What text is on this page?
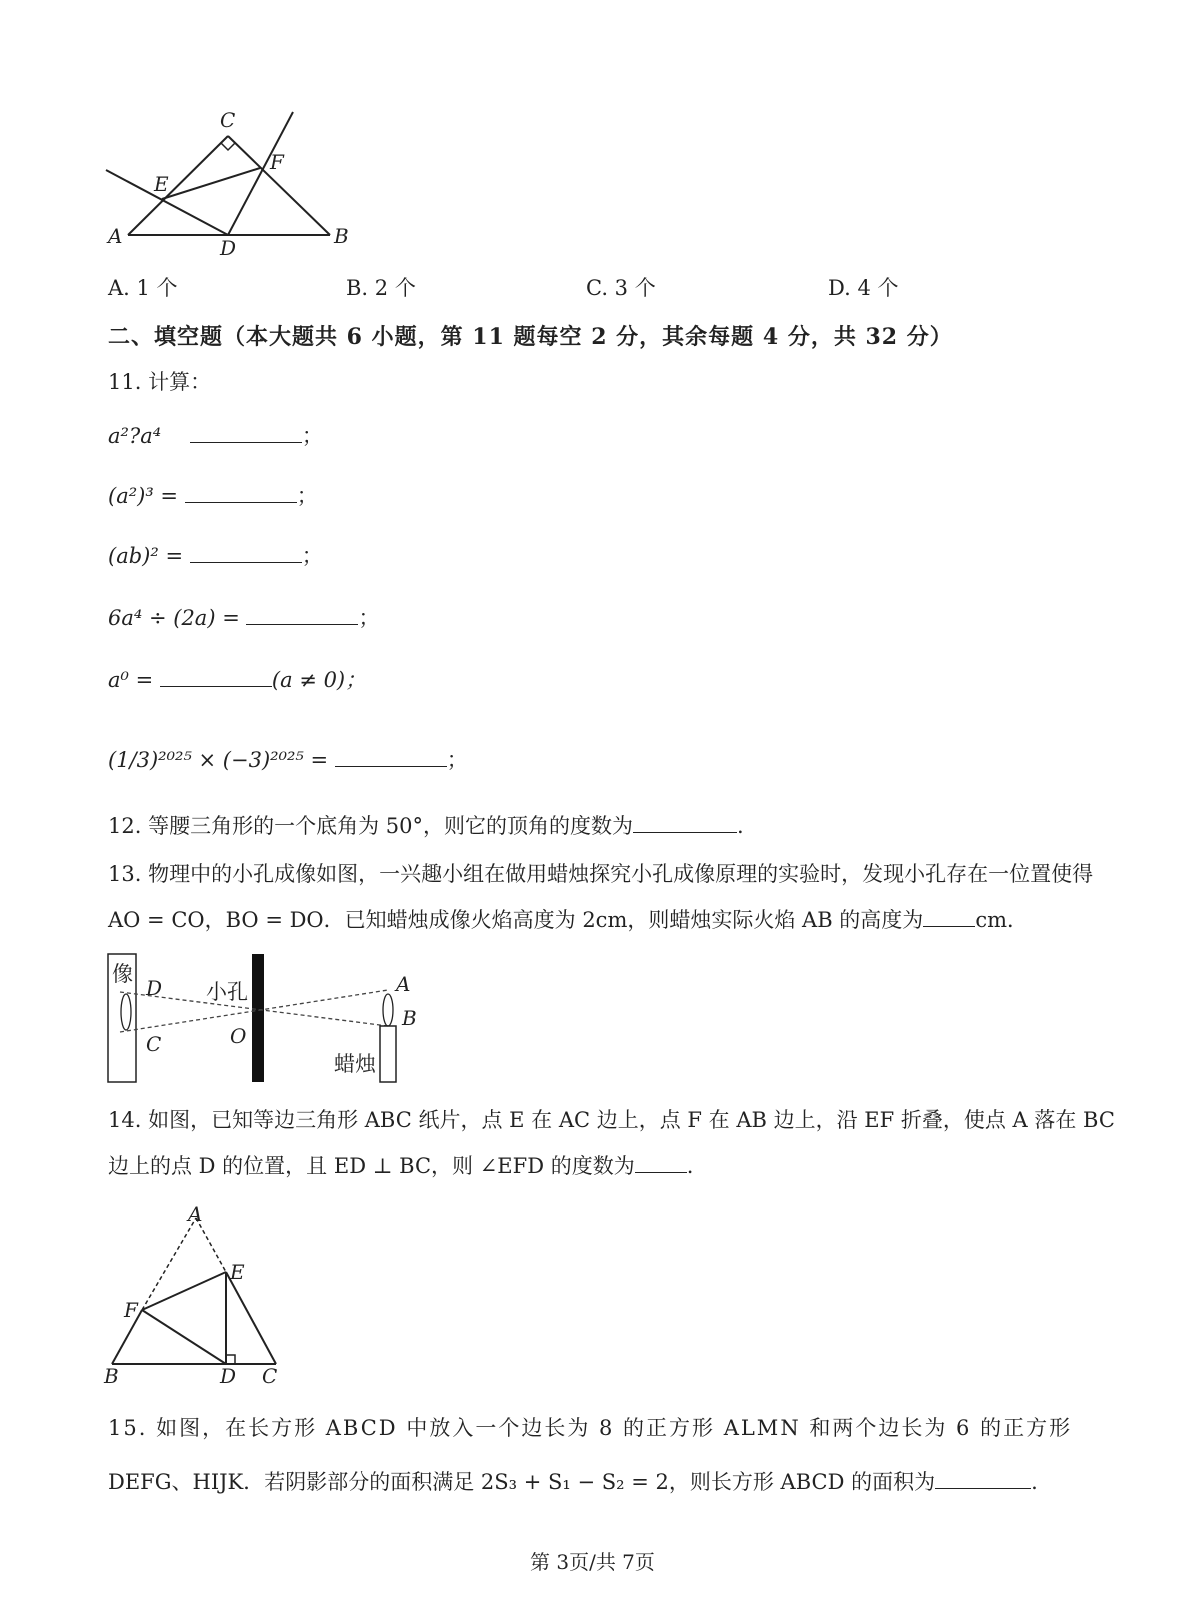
C
E
F
A	D	B
A. 1 个	B. 2 个	C. 3 个	D. 4 个
二、填空题（本大题共 6 小题，第 11 题每空 2 分，其余每题 4 分，共 32 分）
11. 计算：
a²?a⁴	；
(a²)³ =	；
(ab)² =	；
6a⁴ ÷ (2a) =	；
a⁰ =	(a ≠ 0)；
(1/3)²⁰²⁵ × (−3)²⁰²⁵ =	；
12. 等腰三角形的一个底角为 50°，则它的顶角的度数为	.
13. 物理中的小孔成像如图，一兴趣小组在做用蜡烛探究小孔成像原理的实验时，发现小孔存在一位置使得
AO = CO，BO = DO．已知蜡烛成像火焰高度为 2cm，则蜡烛实际火焰 AB 的高度为 cm．
像
D 小孔	A
B
O
C
蜡烛
14. 如图，已知等边三角形 ABC 纸片，点 E 在 AC 边上，点 F 在 AB 边上，沿 EF 折叠，使点 A 落在 BC
边上的点 D 的位置，且 ED ⊥ BC，则 ∠EFD 的度数为 .
A
E
F
B	D C
15. 如图，在长方形 ABCD 中放入一个边长为 8 的正方形 ALMN 和两个边长为 6 的正方形
DEFG、HIJK．若阴影部分的面积满足 2S₃ + S₁ − S₂ = 2，则长方形 ABCD 的面积为	.
第 3页/共 7页
